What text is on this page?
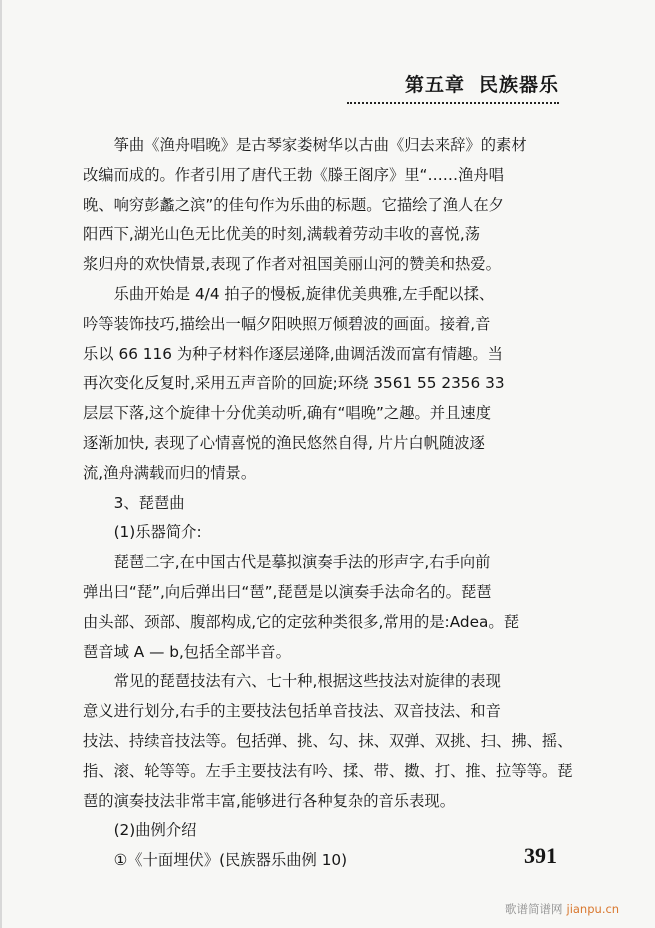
第五章 民族器乐
筝曲《渔舟唱晚》是古琴家娄树华以古曲《归去来辞》的素材
改编而成的。作者引用了唐代王勃《滕王阁序》里“……渔舟唱
晚、响穷彭蠡之滨”的佳句作为乐曲的标题。它描绘了渔人在夕
阳西下,湖光山色无比优美的时刻,满载着劳动丰收的喜悦,荡
浆归舟的欢快情景,表现了作者对祖国美丽山河的赞美和热爱。
乐曲开始是 4/4 拍子的慢板,旋律优美典雅,左手配以揉、
吟等装饰技巧,描绘出一幅夕阳映照万倾碧波的画面。接着,音
乐以 66 116 为种子材料作逐层递降,曲调活泼而富有情趣。当
再次变化反复时,采用五声音阶的回旋;环绕 3561 55 2356 33
层层下落,这个旋律十分优美动听,确有“唱晚”之趣。并且速度
逐渐加快, 表现了心情喜悦的渔民悠然自得, 片片白帆随波逐
流,渔舟满载而归的情景。
3、琵琶曲
(1)乐器简介:
琵琶二字,在中国古代是摹拟演奏手法的形声字,右手向前
弹出曰“琵”,向后弹出曰“琶”,琵琶是以演奏手法命名的。琵琶
由头部、颈部、腹部构成,它的定弦种类很多,常用的是:Adea。琵
琶音域 A — b,包括全部半音。
常见的琵琶技法有六、七十种,根据这些技法对旋律的表现
意义进行划分,右手的主要技法包括单音技法、双音技法、和音
技法、持续音技法等。包括弹、挑、勾、抹、双弹、双挑、扫、拂、摇、
指、滚、轮等等。左手主要技法有吟、揉、带、擞、打、推、拉等等。琵
琶的演奏技法非常丰富,能够进行各种复杂的音乐表现。
(2)曲例介绍
①《十面埋伏》(民族器乐曲例 10)	391
歌谱简谱网 jianpu.cn
